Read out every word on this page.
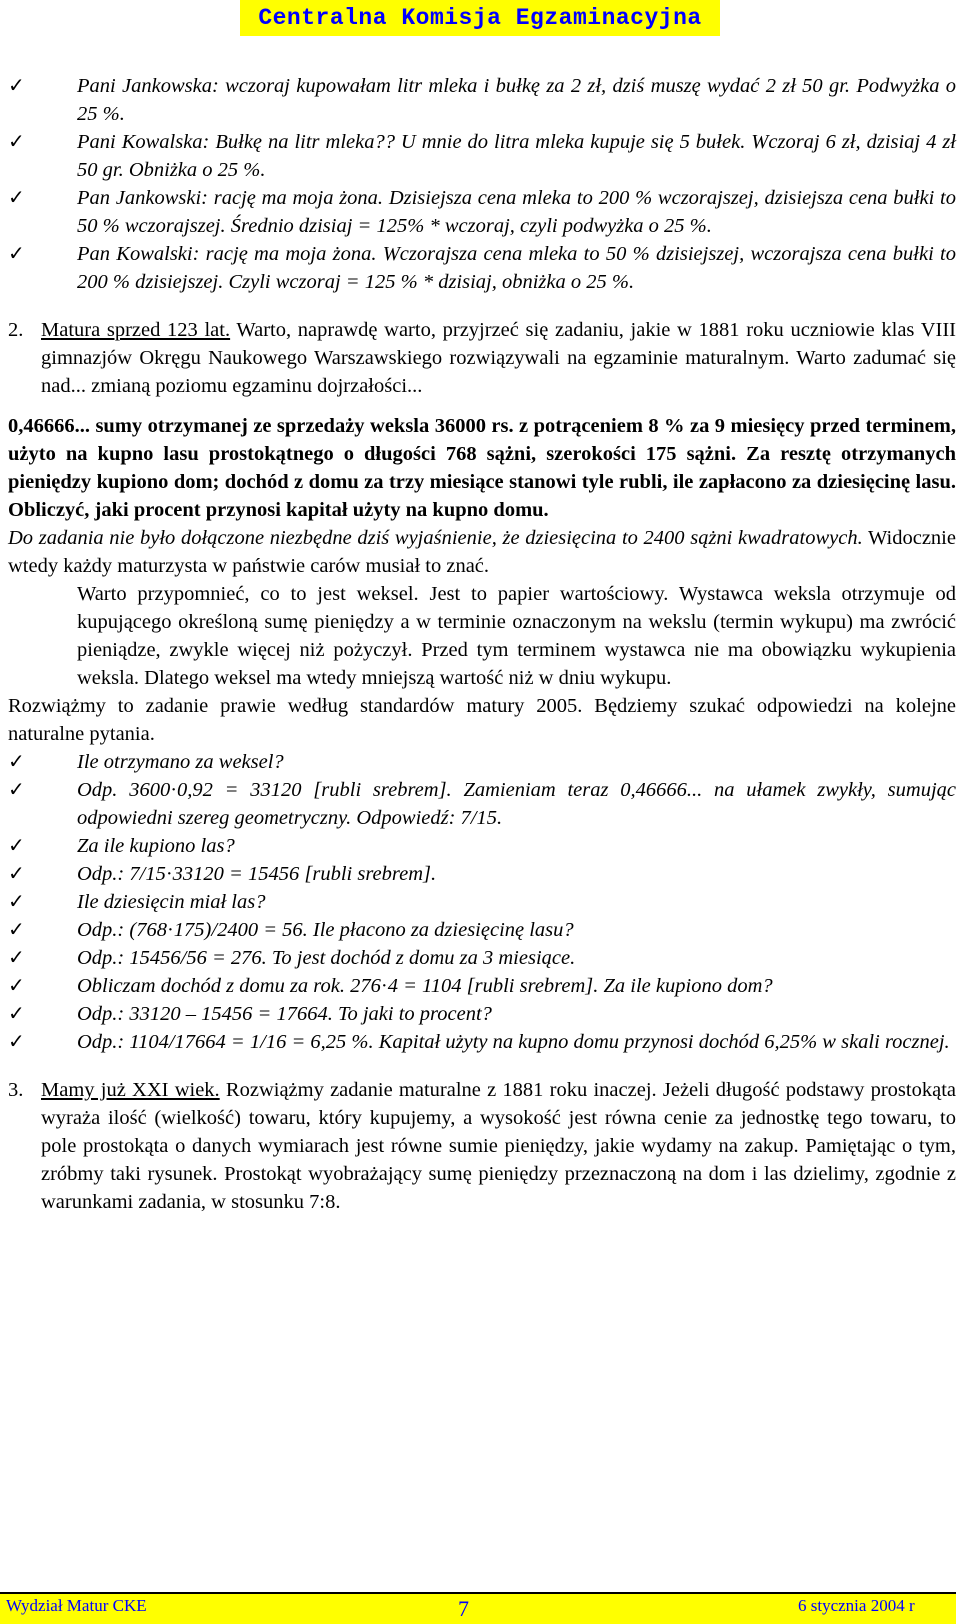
Centralna Komisja Egzaminacyjna
✓	Pani Jankowska: wczoraj kupowałam litr mleka i bułkę za 2 zł, dziś muszę wydać 2 zł 50 gr. Podwyżka o 25 %.
✓	Pani Kowalska: Bułkę na litr mleka?? U mnie do litra mleka kupuje się 5 bułek. Wczoraj 6 zł, dzisiaj 4 zł 50 gr. Obniżka o 25 %.
✓	Pan Jankowski: rację ma moja żona. Dzisiejsza cena mleka to 200 % wczorajszej, dzisiejsza cena bułki to 50 % wczorajszej. Średnio dzisiaj = 125% * wczoraj, czyli podwyżka o 25 %.
✓	Pan Kowalski: rację ma moja żona. Wczorajsza cena mleka to 50 % dzisiejszej, wczorajsza cena bułki to 200 % dzisiejszej. Czyli wczoraj = 125 % * dzisiaj, obniżka o 25 %.
2. Matura sprzed 123 lat. Warto, naprawdę warto, przyjrzeć się zadaniu, jakie w 1881 roku uczniowie klas VIII gimnazjów Okręgu Naukowego Warszawskiego rozwiązywali na egzaminie maturalnym. Warto zadumać się nad... zmianą poziomu egzaminu dojrzałości...

0,46666... sumy otrzymanej ze sprzedaży weksla 36000 rs. z potrąceniem 8 % za 9 miesięcy przed terminem, użyto na kupno lasu prostokątnego o długości 768 sążni, szerokości 175 sążni. Za resztę otrzymanych pieniędzy kupiono dom; dochód z domu za trzy miesiące stanowi tyle rubli, ile zapłacono za dziesięcinę lasu. Obliczyć, jaki procent przynosi kapitał użyty na kupno domu.

Do zadania nie było dołączone niezbędne dziś wyjaśnienie, że dziesięcina to 2400 sążni kwadratowych. Widocznie wtedy każdy maturzysta w państwie carów musiał to znać.

Warto przypomnieć, co to jest weksel. Jest to papier wartościowy. Wystawca weksla otrzymuje od kupującego określoną sumę pieniędzy a w terminie oznaczonym na wekslu (termin wykupu) ma zwrócić pieniądze, zwykle więcej niż pożyczył. Przed tym terminem wystawca nie ma obowiązku wykupienia weksla. Dlatego weksel ma wtedy mniejszą wartość niż w dniu wykupu.

Rozwiążmy to zadanie prawie według standardów matury 2005. Będziemy szukać odpowiedzi na kolejne naturalne pytania.

✓	Ile otrzymano za weksel?
✓	Odp. 3600·0,92 = 33120 [rubli srebrem]. Zamieniam teraz 0,46666... na ułamek zwykły, sumując odpowiedni szereg geometryczny. Odpowiedź: 7/15.
✓	Za ile kupiono las?
✓	Odp.: 7/15·33120 = 15456 [rubli srebrem].
✓	Ile dziesięcin miał las?
✓	Odp.: (768·175)/2400 = 56. Ile płacono za dziesięcinę lasu?
✓	Odp.: 15456/56 = 276. To jest dochód z domu za 3 miesiące.
✓	Obliczam dochód z domu za rok. 276·4 = 1104 [rubli srebrem]. Za ile kupiono dom?
✓	Odp.: 33120 – 15456 = 17664. To jaki to procent?
✓	Odp.: 1104/17664 = 1/16 = 6,25 %. Kapitał użyty na kupno domu przynosi dochód 6,25% w skali rocznej.
3. Mamy już XXI wiek. Rozwiążmy zadanie maturalne z 1881 roku inaczej. Jeżeli długość podstawy prostokąta wyraża ilość (wielkość) towaru, który kupujemy, a wysokość jest równa cenie za jednostkę tego towaru, to pole prostokąta o danych wymiarach jest równe sumie pieniędzy, jakie wydamy na zakup. Pamiętając o tym, zróbmy taki rysunek. Prostokąt wyobrażający sumę pieniędzy przeznaczoną na dom i las dzielimy, zgodnie z warunkami zadania, w stosunku 7:8.
Wydział Matur CKE	7	6 stycznia 2004 r
